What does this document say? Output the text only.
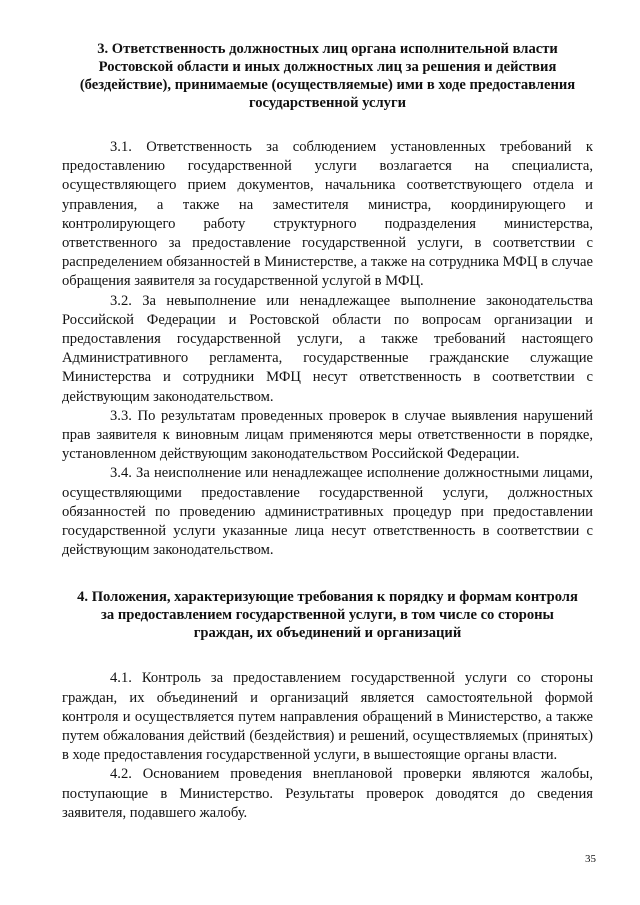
3. Ответственность должностных лиц органа исполнительной власти Ростовской области и иных должностных лиц за решения и действия (бездействие), принимаемые (осуществляемые) ими в ходе предоставления государственной услуги

3.1. Ответственность за соблюдением установленных требований к предоставлению государственной услуги возлагается на специалиста, осуществляющего прием документов, начальника соответствующего отдела и управления, а также на заместителя министра, координирующего и контролирующего работу структурного подразделения министерства, ответственного за предоставление государственной услуги, в соответствии с распределением обязанностей в Министерстве, а также на сотрудника МФЦ в случае обращения заявителя за государственной услугой в МФЦ.

3.2. За невыполнение или ненадлежащее выполнение законодательства Российской Федерации и Ростовской области по вопросам организации и предоставления государственной услуги, а также требований настоящего Административного регламента, государственные гражданские служащие Министерства и сотрудники МФЦ несут ответственность в соответствии с действующим законодательством.

3.3. По результатам проведенных проверок в случае выявления нарушений прав заявителя к виновным лицам применяются меры ответственности в порядке, установленном действующим законодательством Российской Федерации.

3.4. За неисполнение или ненадлежащее исполнение должностными лицами, осуществляющими предоставление государственной услуги, должностных обязанностей по проведению административных процедур при предоставлении государственной услуги указанные лица несут ответственность в соответствии с действующим законодательством.

4. Положения, характеризующие требования к порядку и формам контроля за предоставлением государственной услуги, в том числе со стороны граждан, их объединений и организаций

4.1. Контроль за предоставлением государственной услуги со стороны граждан, их объединений и организаций является самостоятельной формой контроля и осуществляется путем направления обращений в Министерство, а также путем обжалования действий (бездействия) и решений, осуществляемых (принятых) в ходе предоставления государственной услуги, в вышестоящие органы власти.

4.2. Основанием проведения внеплановой проверки являются жалобы, поступающие в Министерство. Результаты проверок доводятся до сведения заявителя, подавшего жалобу.

35
